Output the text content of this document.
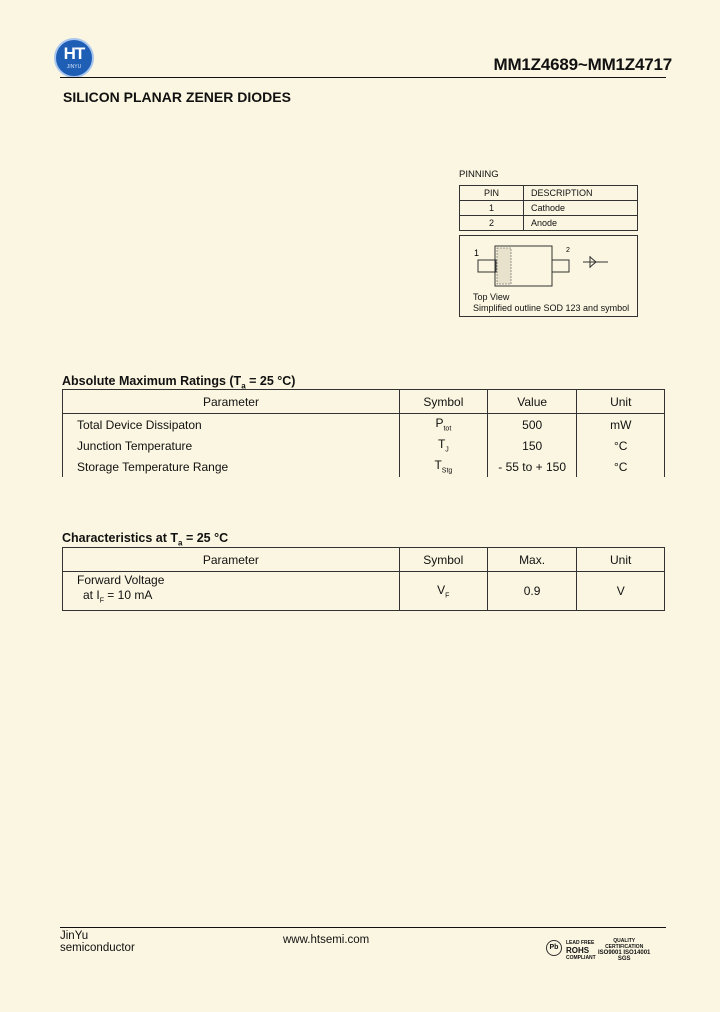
HT
JINYU	MM1Z4689~MM1Z4717
SILICON PLANAR ZENER DIODES
PINNING
PIN	DESCRIPTION
1	Cathode
2	Anode
1	2
Top View
Simplified outline SOD 123 and symbol
Absolute Maximum Ratings ($T_a = 25$ °C)
Parameter	Symbol	Value	Unit
Total Device Dissipaton	$P_{tot}$	500	mW
Junction Temperature	$T_J$	150	°C
Storage Temperature Range	$T_{Stg}$	- 55 to + 150	°C
Characteristics at $T_a = 25$ °C
Parameter	Symbol	Max.	Unit

Forward Voltage
at $I_F = 10$ mA	$V_F$	0.9	V
JinYu
semiconductor
www.htsemi.com
Pb
LEAD FREE
ROHS
COMPLIANT
QUALITY
CERTIFICATION
ISO9001 ISO14001
SGS
